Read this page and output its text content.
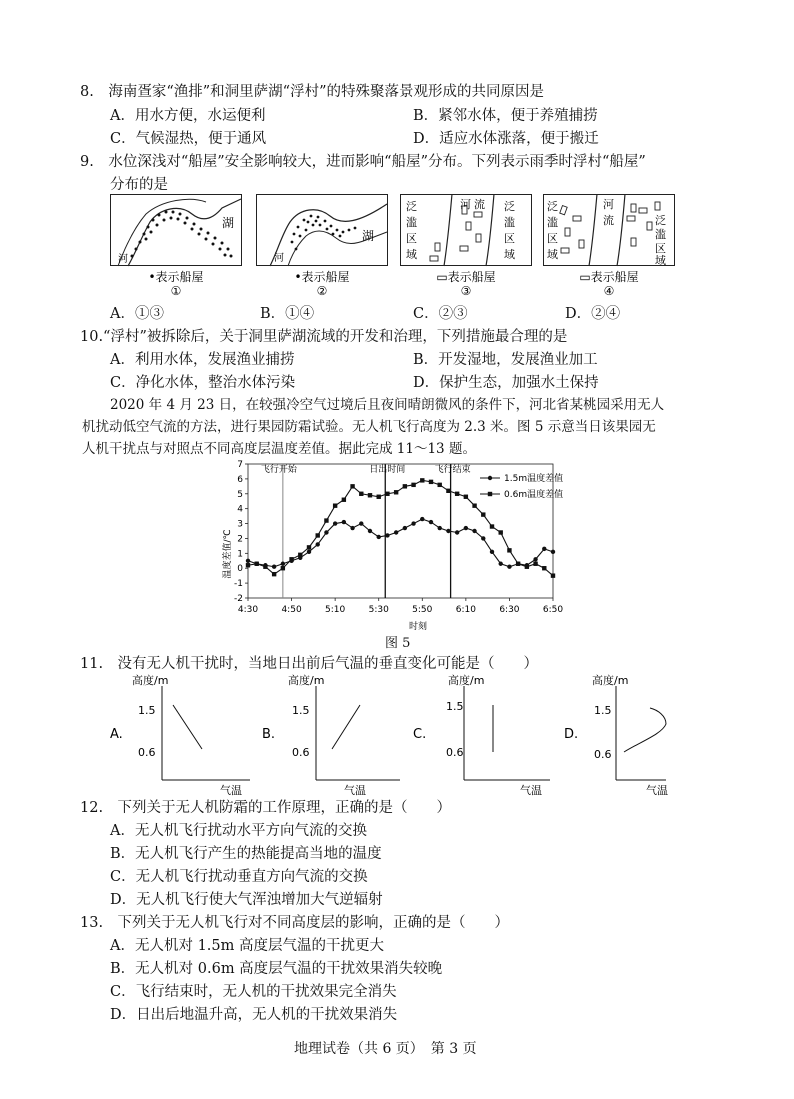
8.　海南疍家“渔排”和洞里萨湖“浮村”的特殊聚落景观形成的共同原因是
A．用水方便，水运便利	B．紧邻水体，便于养殖捕捞
C．气候湿热，便于通风	D．适应水体涨落，便于搬迁
9.　水位深浅对“船屋”安全影响较大，进而影响“船屋”分布。下列表示雨季时浮村“船屋”
分布的是
湖
河
•表示船屋
①
湖
河
•表示船屋
②
泛
滥
区
域
河 流 泛
滥
区
域
▭表示船屋
③
泛
滥
区
域
河
流	泛
滥
区
域
▭表示船屋
④
A．①③	B．①④	C．②③	D．②④
10.“浮村”被拆除后，关于洞里萨湖流域的开发和治理，下列措施最合理的是
A．利用水体，发展渔业捕捞	B．开发湿地，发展渔业加工
C．净化水体，整治水体污染	D．保护生态，加强水土保持
2020 年 4 月 23 日，在较强冷空气过境后且夜间晴朗微风的条件下，河北省某桃园采用无人
机扰动低空气流的方法，进行果园防霜试验。无人机飞行高度为 2.3 米。图 5 示意当日该果园无
人机干扰点与对照点不同高度层温度差值。据此完成 11～13 题。
-2
-1
0
1
2
3
4
5
6
7
4:30	4:50	5:10	5:30	5:50	6:10	6:30	6:50
飞行开始	日出时间	飞行结束
1.5m温度差值
0.6m温度差值
温度差值/℃
时刻
图 5
11.　没有无人机干扰时，当地日出前后气温的垂直变化可能是（　　）
A.
高度/m
1.5
0.6
气温
B.
高度/m
1.5
0.6
气温
C.
高度/m
1.5
0.6
气温
D.
高度/m
1.5
0.6
气温
12.　下列关于无人机防霜的工作原理，正确的是（　　）
A．无人机飞行扰动水平方向气流的交换
B．无人机飞行产生的热能提高当地的温度
C．无人机飞行扰动垂直方向气流的交换
D．无人机飞行使大气浑浊增加大气逆辐射
13.　下列关于无人机飞行对不同高度层的影响，正确的是（　　）
A．无人机对 1.5m 高度层气温的干扰更大
B．无人机对 0.6m 高度层气温的干扰效果消失较晚
C．飞行结束时，无人机的干扰效果完全消失
D．日出后地温升高，无人机的干扰效果消失
地理试卷（共 6 页）　第 3 页
